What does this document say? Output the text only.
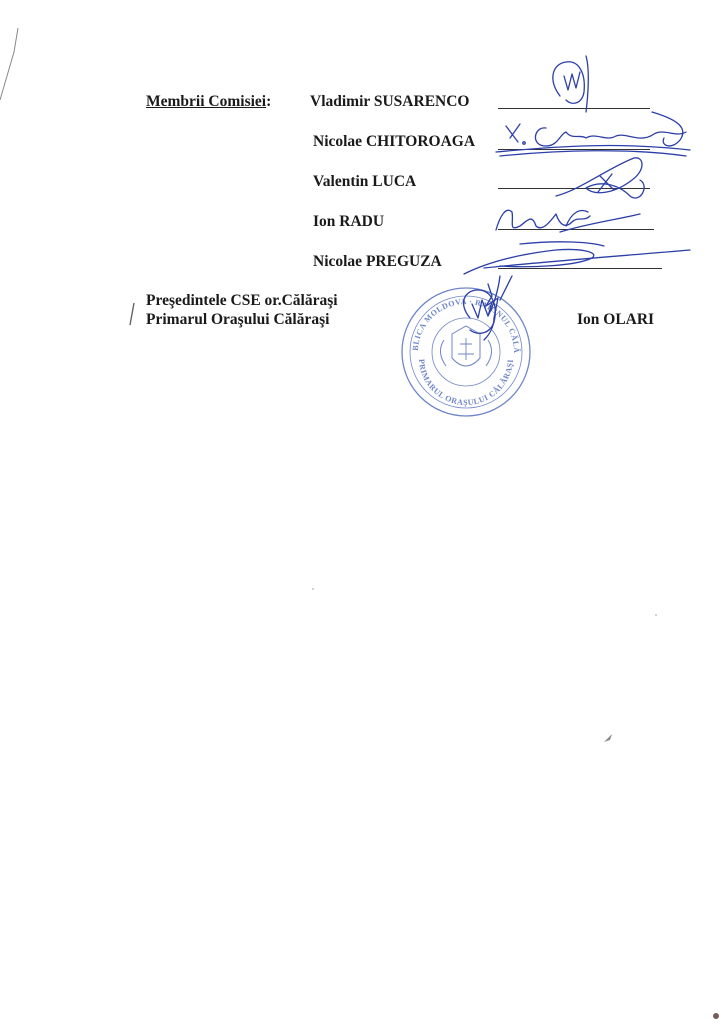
Membrii Comisiei: Vladimir SUSARENCO
Nicolae CHITOROAGA
Valentin LUCA
Ion RADU
Nicolae PREGUZA
Preşedintele CSE or.Călăraşi
Primarul Oraşului Călăraşi	Ion OLARI
REPUBLICA MOLDOVA · RAIONUL CĂLĂRAŞI
PRIMARUL ORAŞULUI CĂLĂRAŞI
